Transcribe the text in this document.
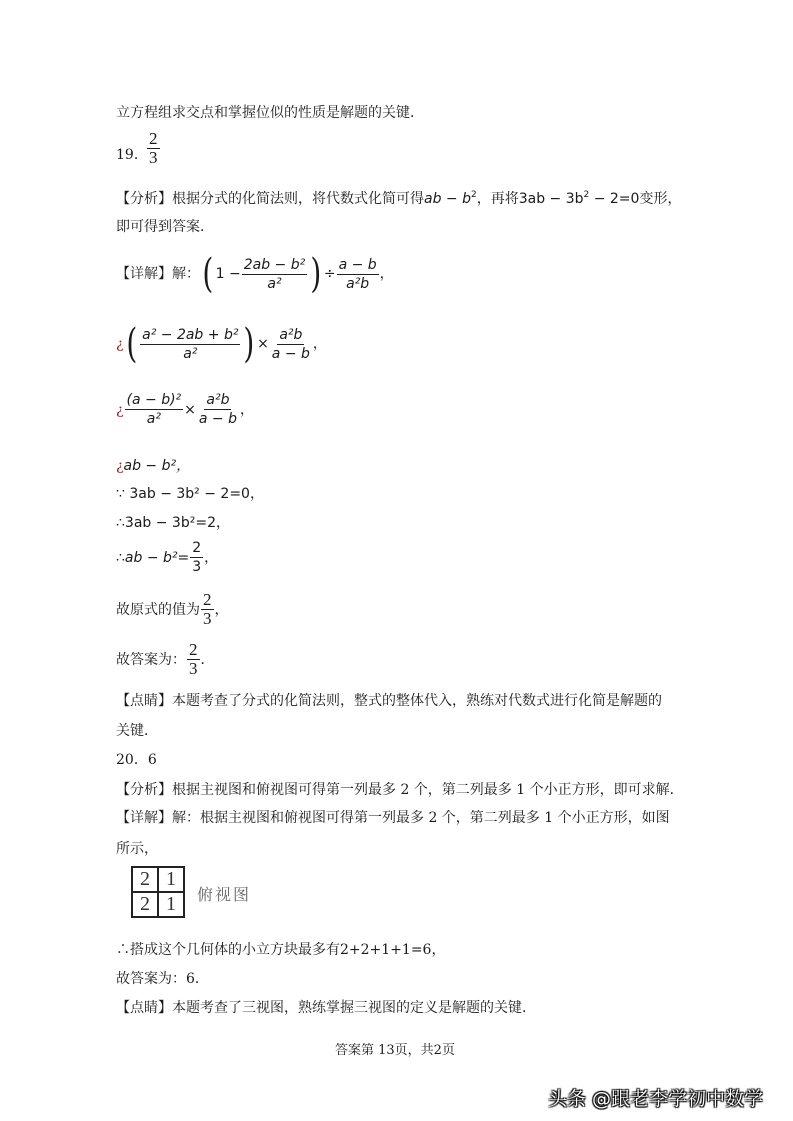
立方程组求交点和掌握位似的性质是解题的关键．
19． $\frac{2}{3}$
【分析】根据分式的化简法则，将代数式化简可得ab − $b^2$，再将$3ab - 3b^2 - 2=0$变形，
即可得到答案．
【详解】 解： ( $1 - \frac{\text{2ab − b²}}{\text{a²}}$ ) ÷ $\frac{a - b}{\text{a²b}}$ ，
¿ ( $\frac{\text{a² − 2ab + b²}}{\text{a²}}$ ) × $\frac{\text{a²b}}{a - b}$ ，
¿ $\frac{\text{(a − b)²}}{\text{a²}} \times \frac{\text{a²b}}{a - b}$ ，
¿ab − b²，
∵ 3ab − 3b² − 2=0，
∴3ab − 3b²=2，
∴ ab − $b^2= \frac{2}{3}$ ，
故原式的值为 $\frac{2}{3}$ ，
故答案为： $\frac{2}{3}$ ．
【点睛】本题考查了分式的化简法则，整式的整体代入，熟练对代数式进行化简是解题的
关键．
20．6
【分析】根据主视图和俯视图可得第一列最多 2 个，第二列最多 1 个小正方形，即可求解．
【详解】解：根据主视图和俯视图可得第一列最多 2 个，第二列最多 1 个小正方形，如图
所示，
2 1
2 1	俯视图
∴搭成这个几何体的小立方块最多有2+2+1+1=6，
故答案为：6．
【点睛】本题考查了三视图，熟练掌握三视图的定义是解题的关键．
答案第 13页，共2页
头条 @跟老李学初中数学
